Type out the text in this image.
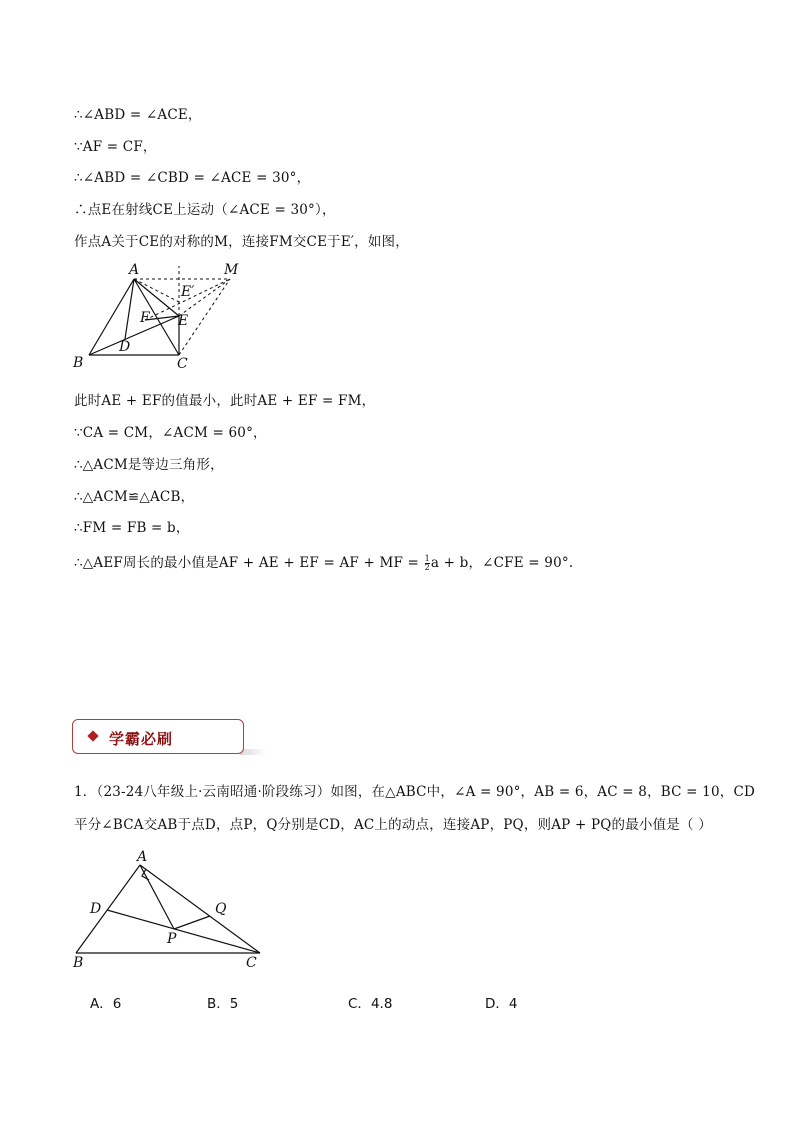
∴∠ABD = ∠ACE，
∵AF = CF，
∴∠ABD = ∠CBD = ∠ACE = 30°，
∴点E在射线CE上运动（∠ACE = 30°），
作点A关于CE的对称的M，连接FM交CE于E′，如图，
A	M
E′
F E
D
B	C
此时AE + EF的值最小，此时AE + EF = FM，
∵CA = CM，∠ACM = 60°，
∴△ACM是等边三角形，
∴△ACM≌△ACB，
∴FM = FB = b，
∴△AEF周长的最小值是AF + AE + EF = AF + MF = $\frac{1}{2}$ a + b，∠CFE = 90°.
学霸必刷
1．（23-24八年级上·云南昭通·阶段练习）如图，在△ABC中，∠A = 90°，AB = 6，AC = 8，BC = 10，CD
平分∠BCA交AB于点D，点P，Q分别是CD，AC上的动点，连接AP，PQ，则AP + PQ的最小值是（ ）
A
D	Q
P
B	C
A．6	B．5	C．4.8	D．4
